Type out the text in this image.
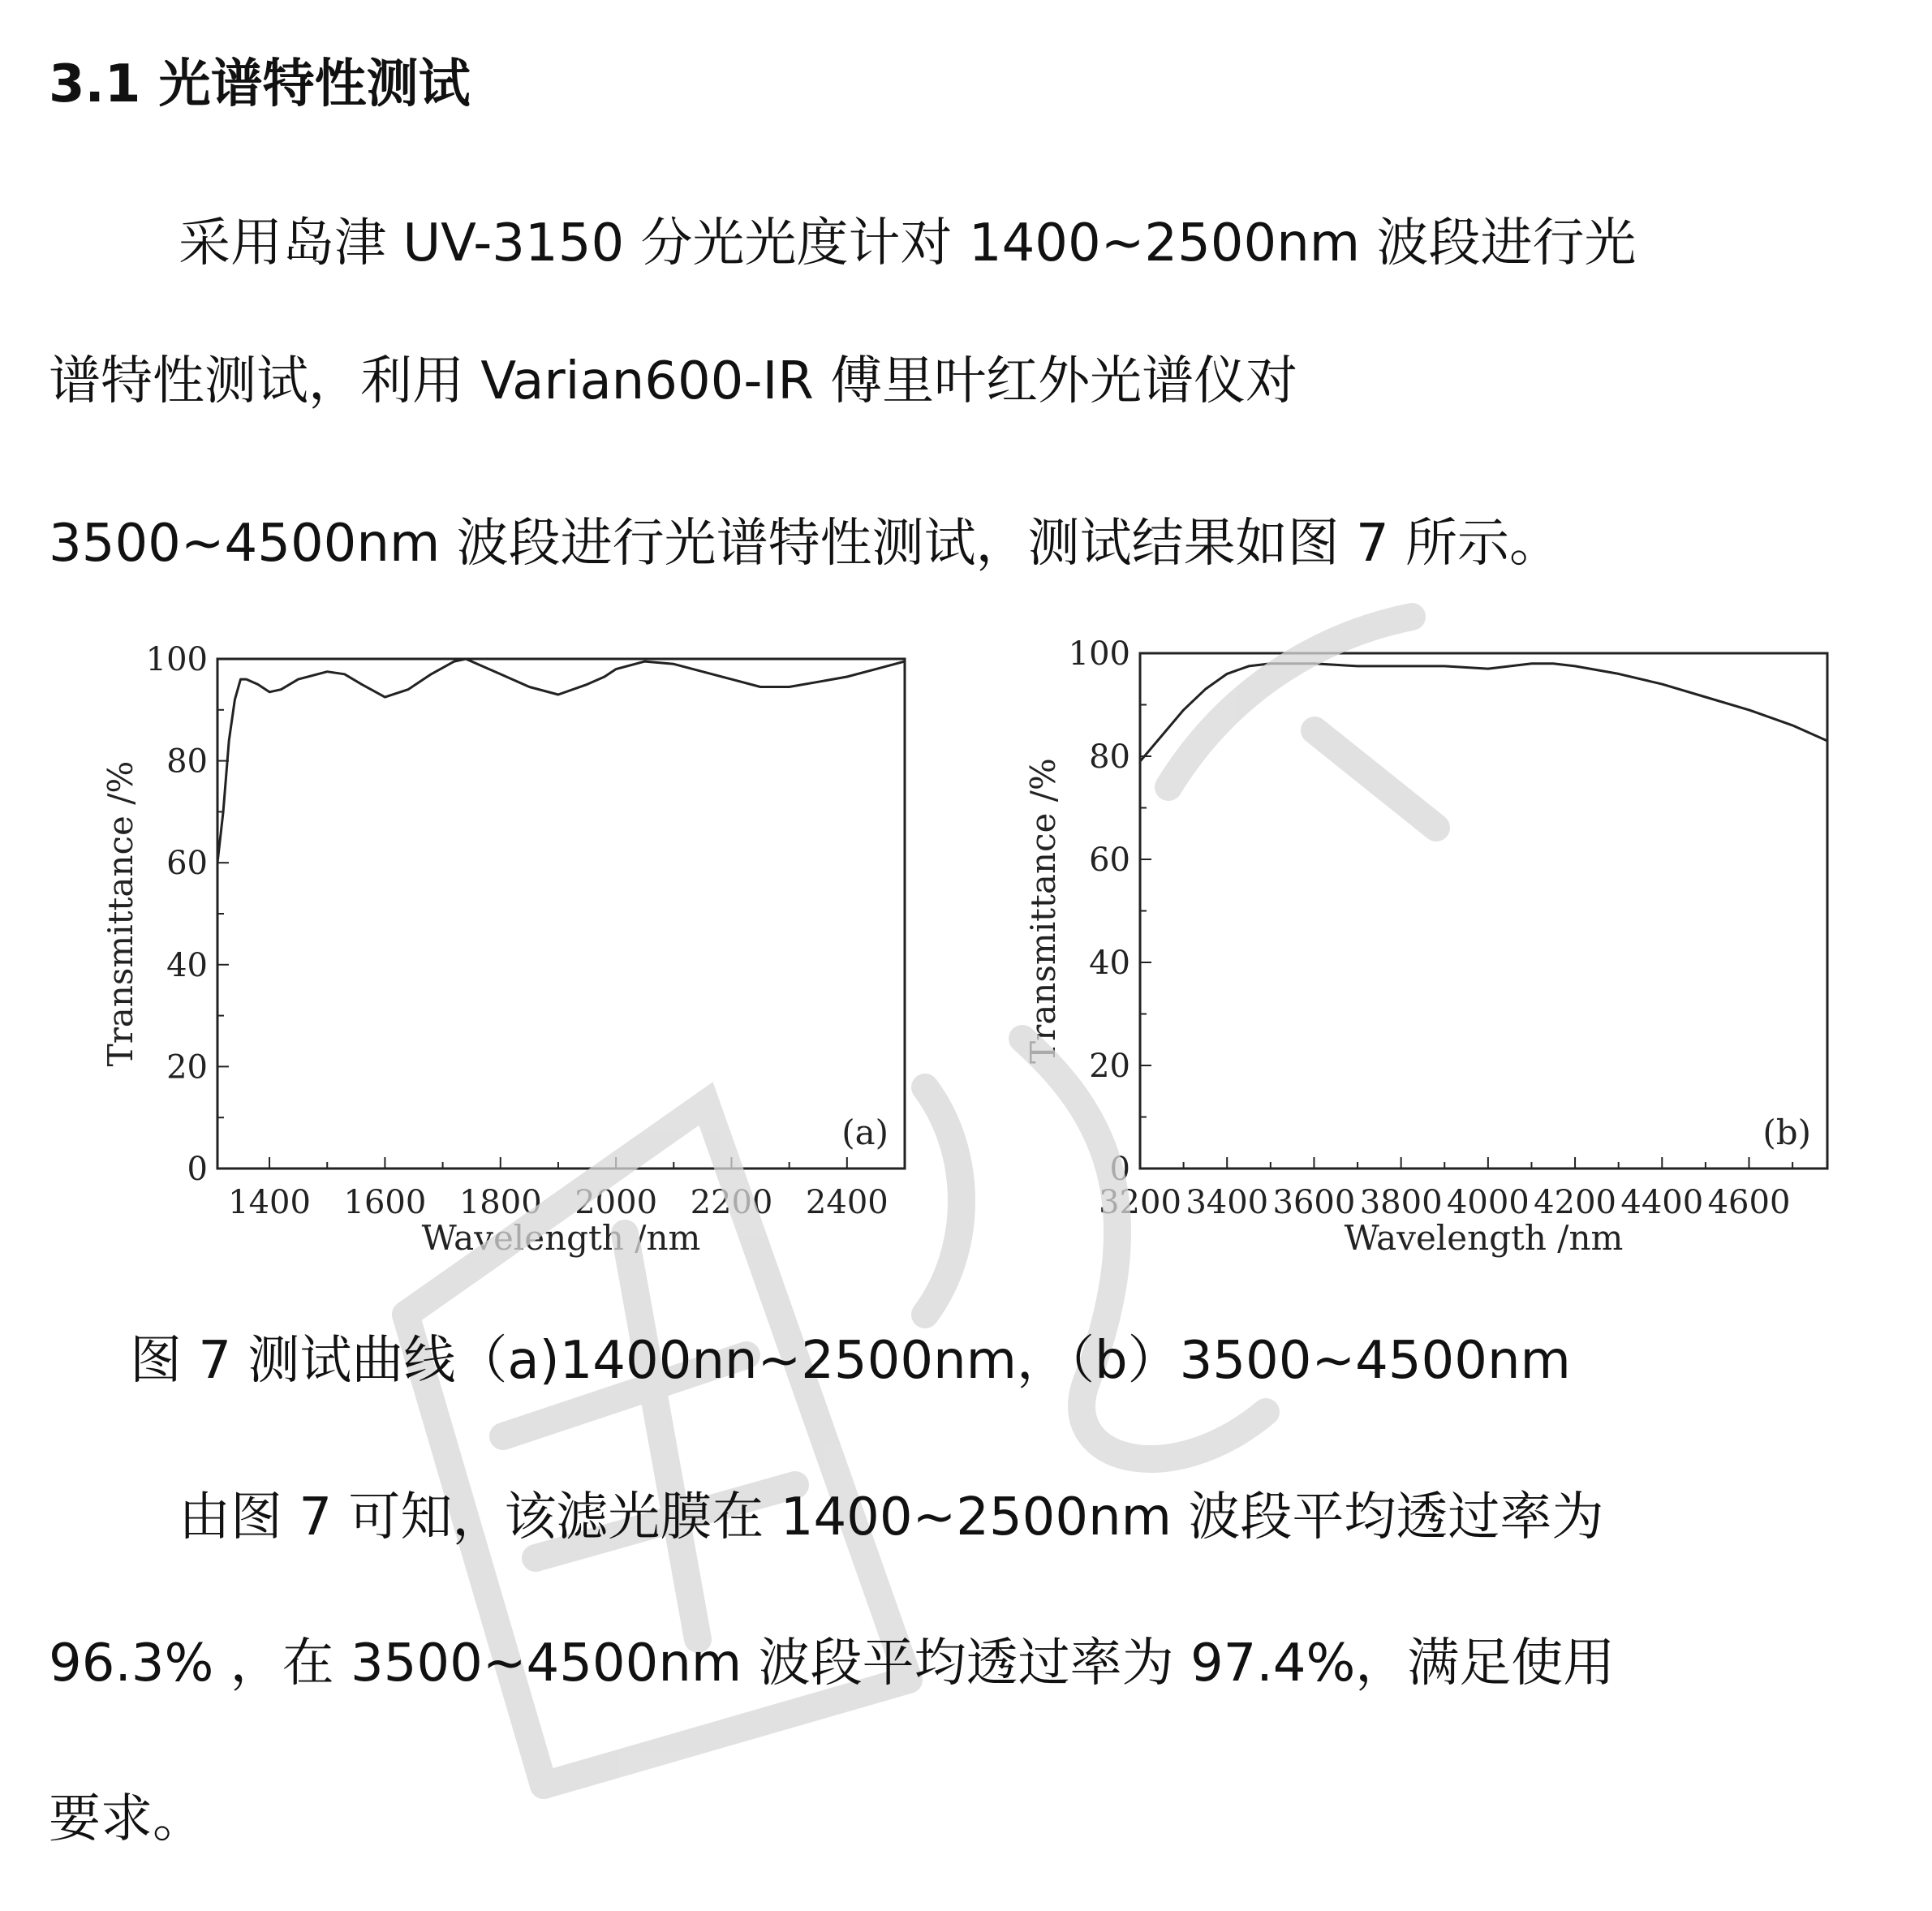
3.1 光谱特性测试

采用岛津 UV-3150 分光光度计对 1400~2500nm 波段进行光

谱特性测试，利用 Varian600-IR 傅里叶红外光谱仪对

3500~4500nm 波段进行光谱特性测试，测试结果如图 7 所示。

1400 1600 1800 2000 2200 2400
0
20
40
60
80
100
Wavelength /nm
Transmittance /%
(a)
3200 3400 3600 3800 4000 4200 4400 4600
0
20
40
60
80
100
Wavelength /nm
Transmittance /%
(b)

图 7 测试曲线（a)1400nn~2500nm，（b）3500~4500nm

由图 7 可知，该滤光膜在 1400~2500nm 波段平均透过率为

96.3% ，在 3500~4500nm 波段平均透过率为 97.4%，满足使用

要求。
